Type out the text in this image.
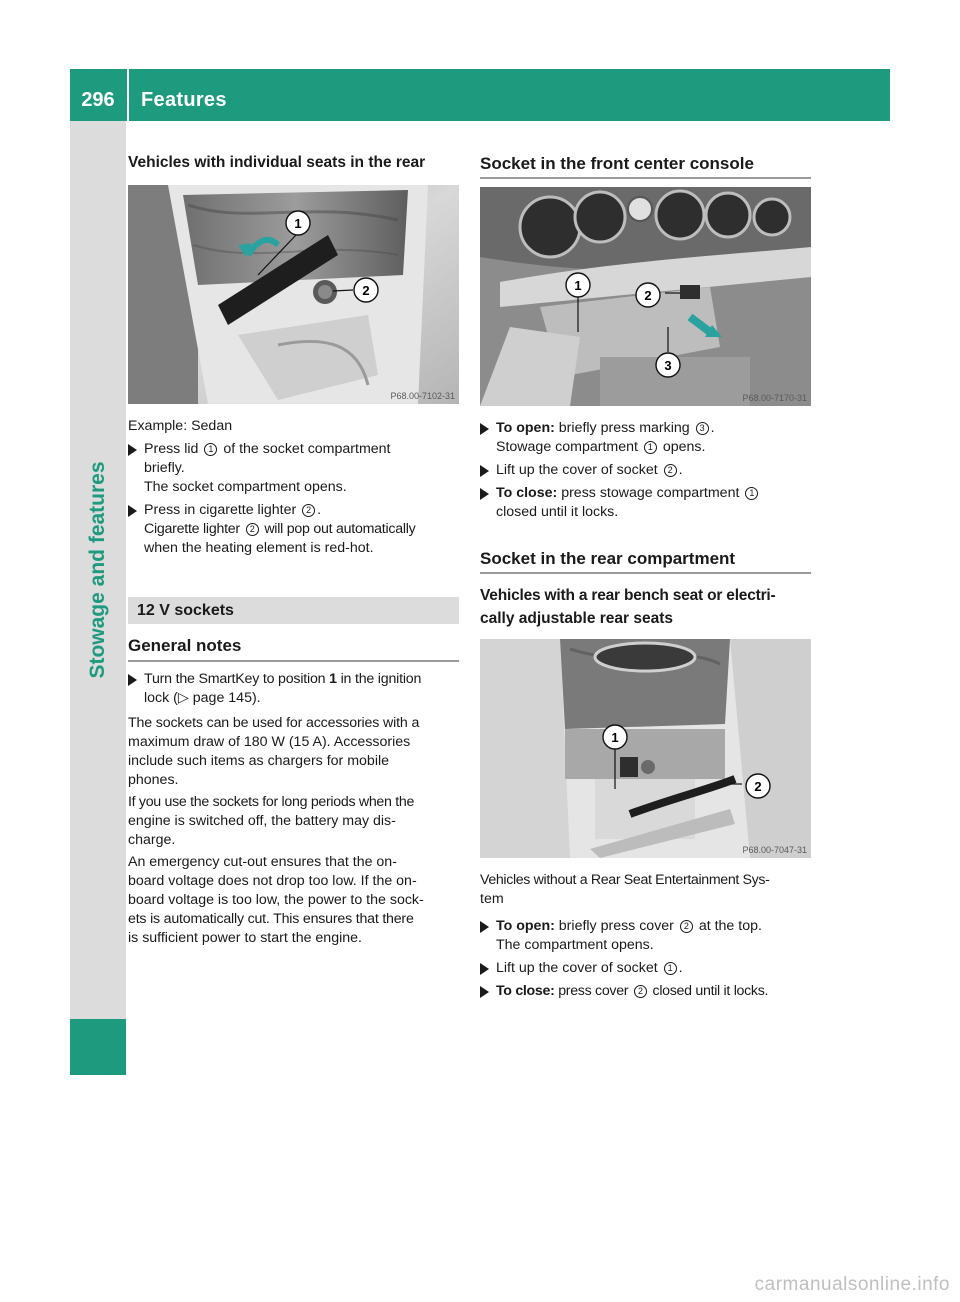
296	Features
Stowage and features
Vehicles with individual seats in the rear
1
2
P68.00-7102-31
Example: Sedan
Press lid 1 of the socket compartment
briefly.
The socket compartment opens.
Press in cigarette lighter 2 .
Cigarette lighter 2 will pop out automatically
when the heating element is red-hot.
12 V sockets
General notes
Turn the SmartKey to position 1 in the ignition
lock (▷ page 145).
The sockets can be used for accessories with a
maximum draw of 180 W (15 A). Accessories
include such items as chargers for mobile
phones.
If you use the sockets for long periods when the
engine is switched off, the battery may dis-
charge.
An emergency cut-out ensures that the on-
board voltage does not drop too low. If the on-
board voltage is too low, the power to the sock-
ets is automatically cut. This ensures that there
is sufficient power to start the engine.
Socket in the front center console
1
2
3
P68.00-7170-31
To open: briefly press marking 3 .
Stowage compartment 1 opens.
Lift up the cover of socket 2 .
To close: press stowage compartment 1
closed until it locks.
Socket in the rear compartment
Vehicles with a rear bench seat or electri-
cally adjustable rear seats
1
2
P68.00-7047-31
Vehicles without a Rear Seat Entertainment Sys-
tem
To open: briefly press cover 2 at the top.
The compartment opens.
Lift up the cover of socket 1 .
To close: press cover 2 closed until it locks.
carmanualsonline.info
